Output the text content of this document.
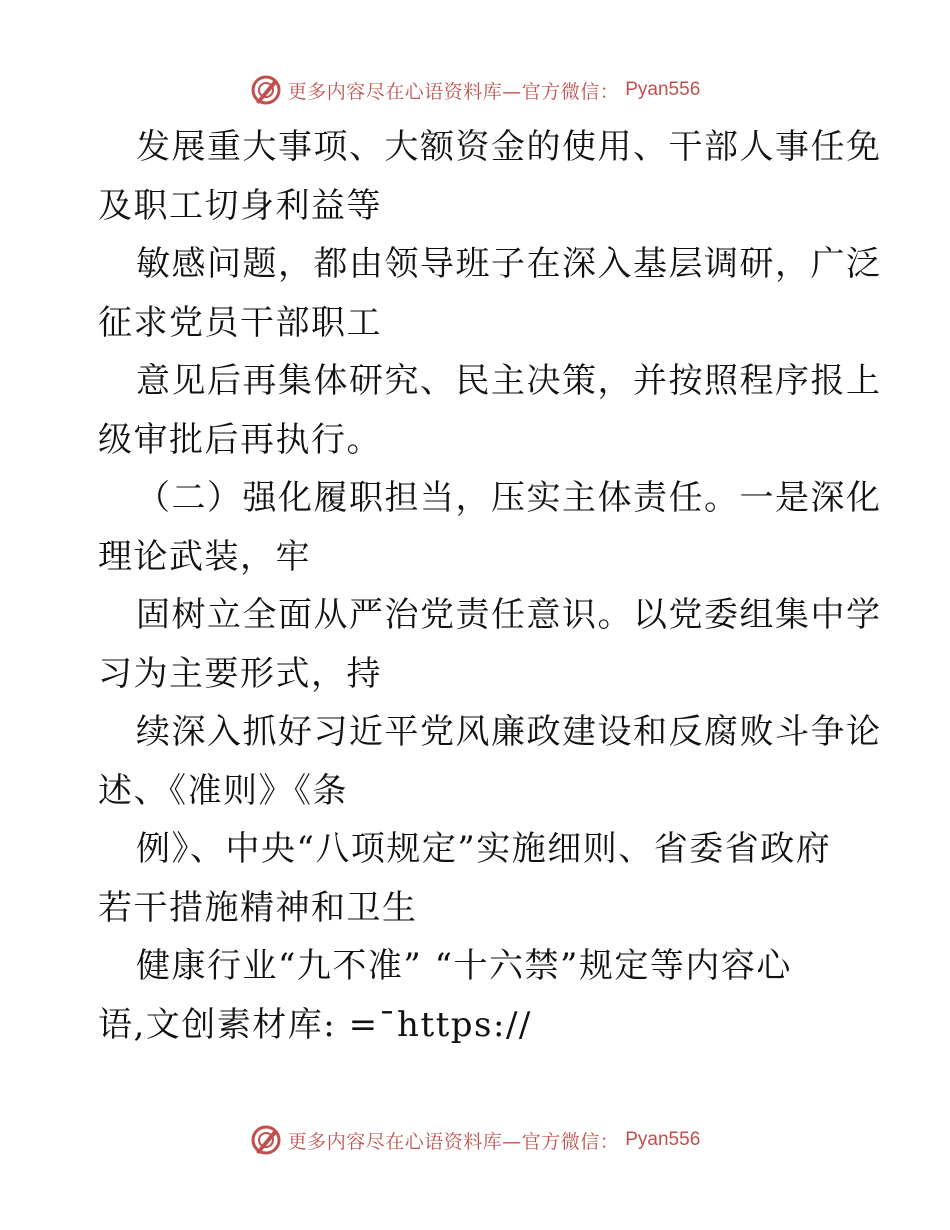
更多内容尽在心语资料库—官方微信： Pyan556
发展重大事项、大额资金的使用、干部人事任免
及职工切身利益等
敏感问题，都由领导班子在深入基层调研，广泛
征求党员干部职工
意见后再集体研究、民主决策，并按照程序报上
级审批后再执行。
（二）强化履职担当，压实主体责任。一是深化
理论武装，牢
固树立全面从严治党责任意识。以党委组集中学
习为主要形式，持
续深入抓好习近平党风廉政建设和反腐败斗争论
述、《准则》《条
例》、中央“八项规定”实施细则、省委省政府
若干措施精神和卫生
健康行业“九不准” “十六禁”规定等内容心
语,文创素材库: =¯https://
更多内容尽在心语资料库—官方微信： Pyan556
